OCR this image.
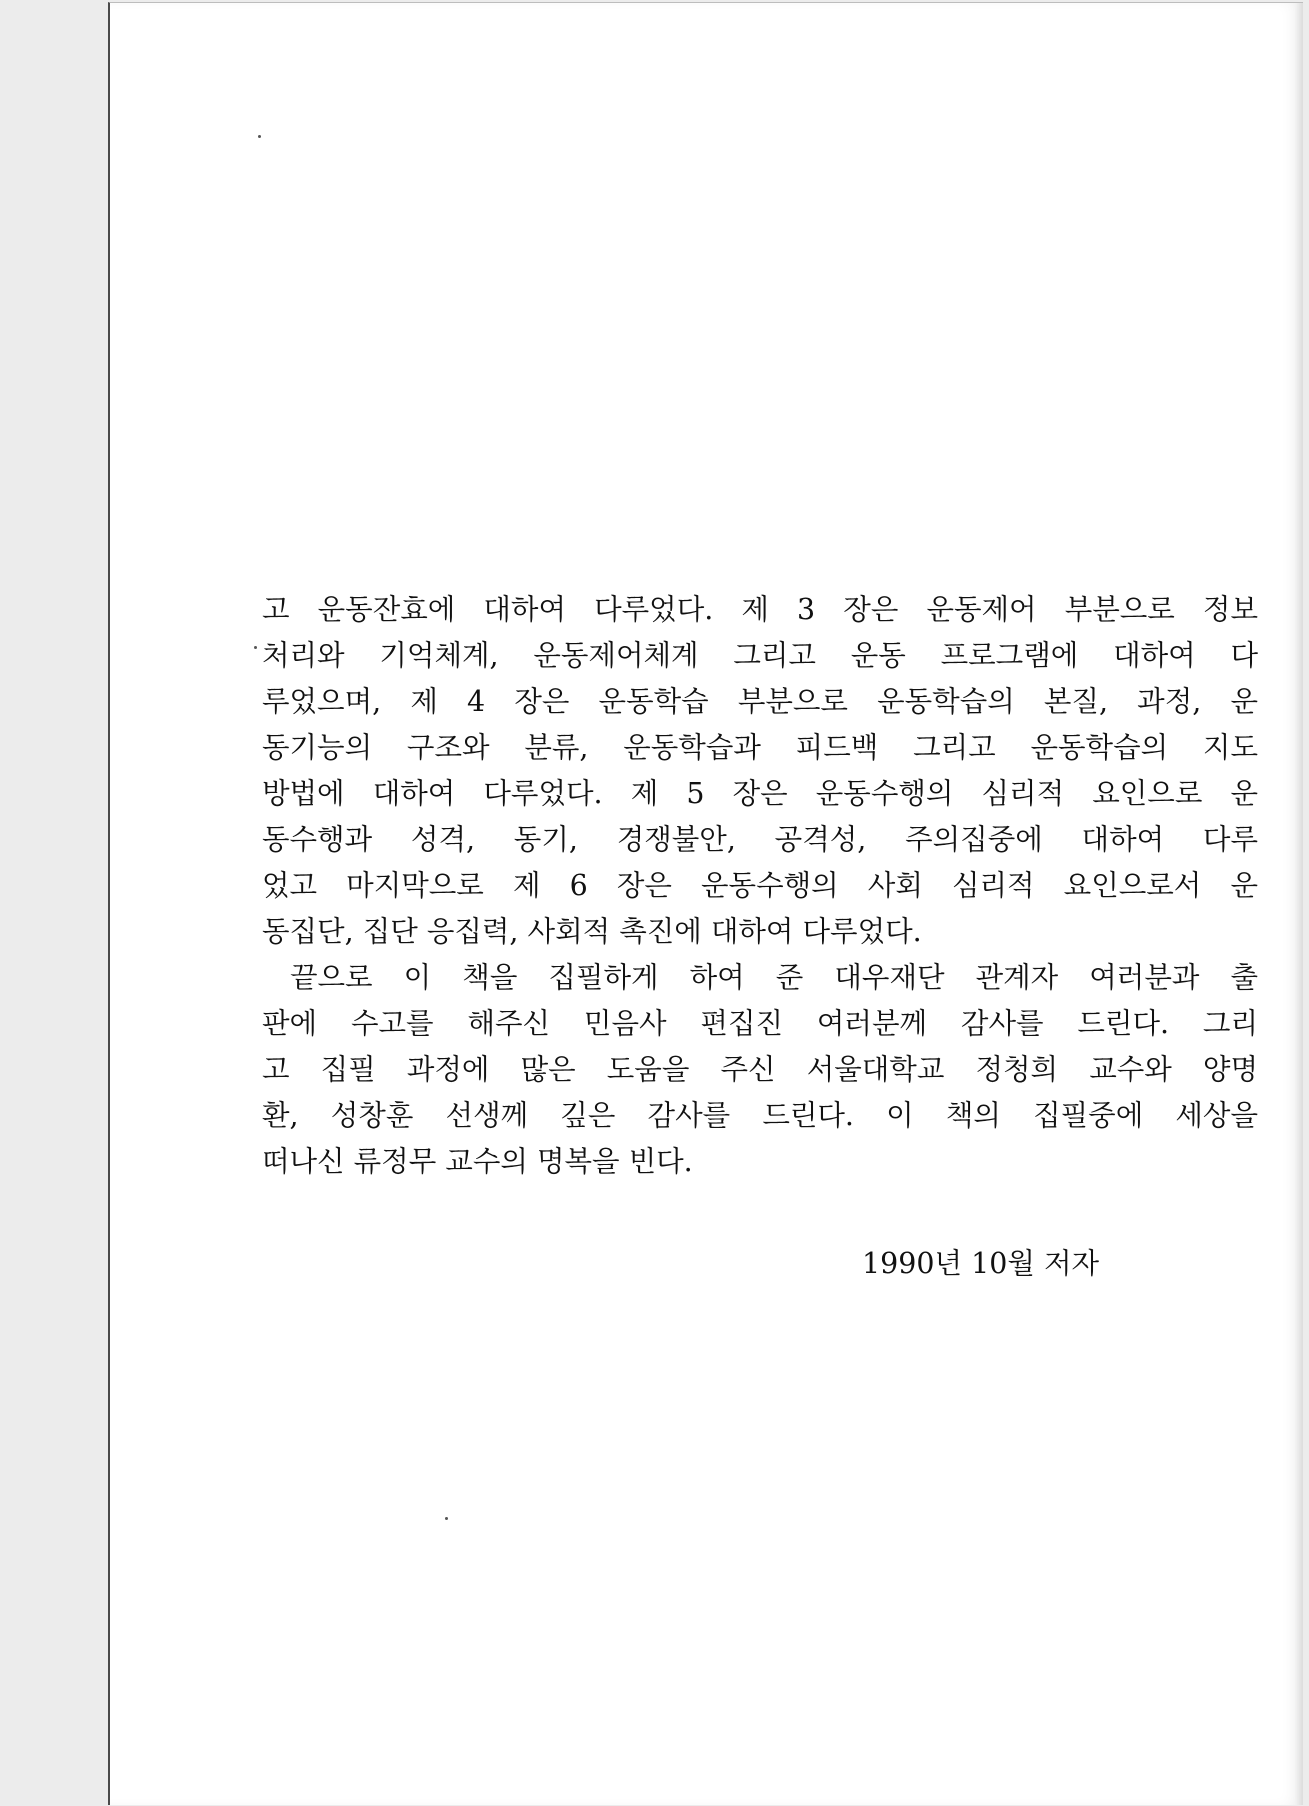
고 운동잔효에 대하여 다루었다. 제 3 장은 운동제어 부분으로 정보
처리와 기억체계, 운동제어체계 그리고 운동 프로그램에 대하여 다
루었으며, 제 4 장은 운동학습 부분으로 운동학습의 본질, 과정, 운
동기능의 구조와 분류, 운동학습과 피드백 그리고 운동학습의 지도
방법에 대하여 다루었다. 제 5 장은 운동수행의 심리적 요인으로 운
동수행과 성격, 동기, 경쟁불안, 공격성, 주의집중에 대하여 다루
었고 마지막으로 제 6 장은 운동수행의 사회 심리적 요인으로서 운
동집단, 집단 응집력, 사회적 촉진에 대하여 다루었다.
끝으로 이 책을 집필하게 하여 준 대우재단 관계자 여러분과 출
판에 수고를 해주신 민음사 편집진 여러분께 감사를 드린다. 그리
고 집필 과정에 많은 도움을 주신 서울대학교 정청희 교수와 양명
환, 성창훈 선생께 깊은 감사를 드린다. 이 책의 집필중에 세상을
떠나신 류정무 교수의 명복을 빈다.
1990년 10월 저자
